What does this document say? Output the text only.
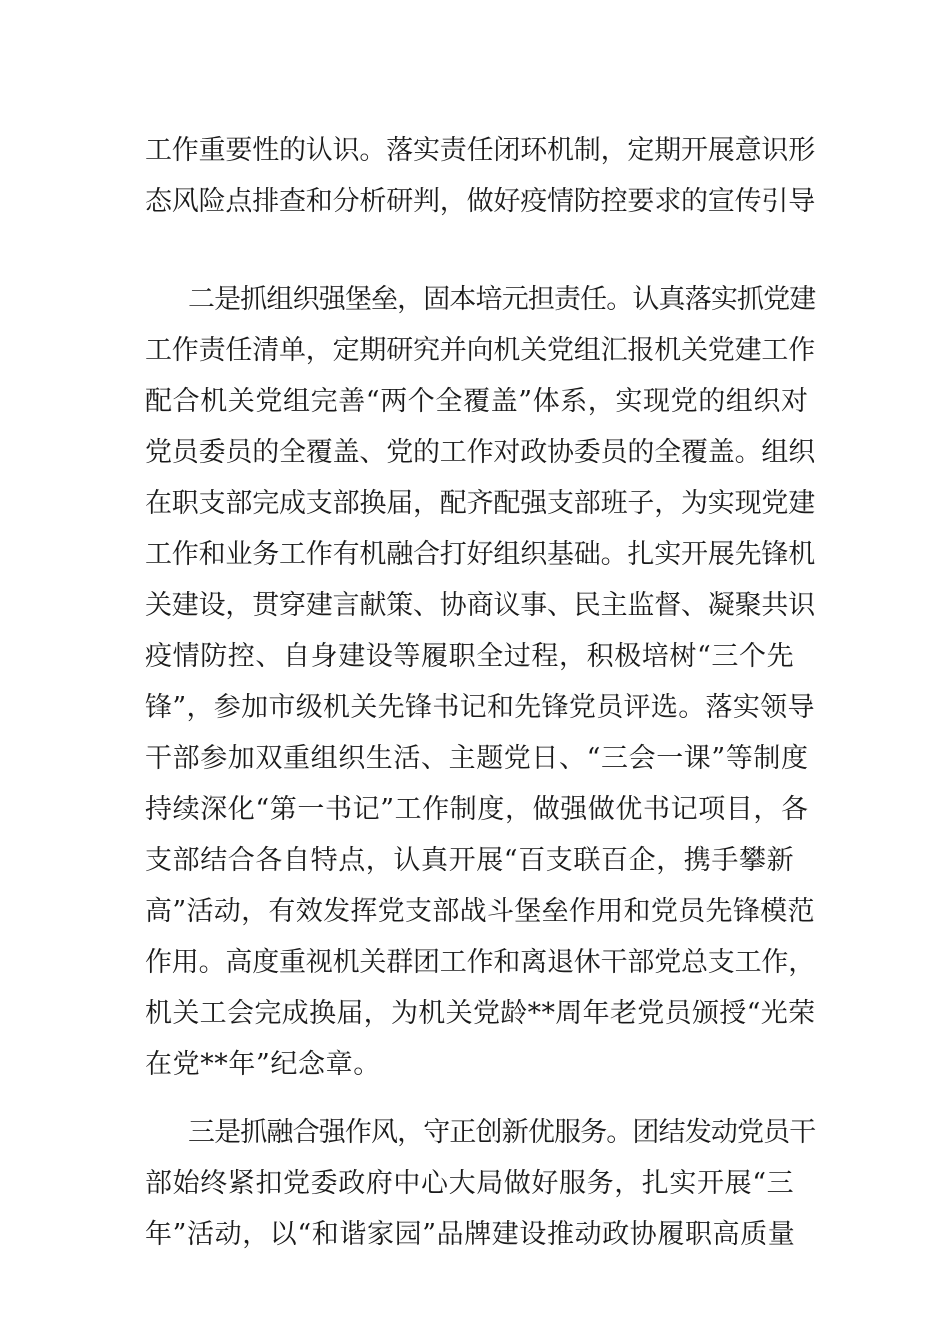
工作重要性的认识。落实责任闭环机制，定期开展意识形
态风险点排查和分析研判，做好疫情防控要求的宣传引导
二是抓组织强堡垒，固本培元担责任。认真落实抓党建
工作责任清单，定期研究并向机关党组汇报机关党建工作
配合机关党组完善“两个全覆盖”体系，实现党的组织对
党员委员的全覆盖、党的工作对政协委员的全覆盖。组织
在职支部完成支部换届，配齐配强支部班子，为实现党建
工作和业务工作有机融合打好组织基础。扎实开展先锋机
关建设，贯穿建言献策、协商议事、民主监督、凝聚共识
疫情防控、自身建设等履职全过程，积极培树“三个先
锋”，参加市级机关先锋书记和先锋党员评选。落实领导
干部参加双重组织生活、主题党日、“三会一课”等制度
持续深化“第一书记”工作制度，做强做优书记项目，各
支部结合各自特点，认真开展“百支联百企，携手攀新
高”活动，有效发挥党支部战斗堡垒作用和党员先锋模范
作用。高度重视机关群团工作和离退休干部党总支工作，
机关工会完成换届，为机关党龄**周年老党员颁授“光荣
在党**年”纪念章。
三是抓融合强作风，守正创新优服务。团结发动党员干
部始终紧扣党委政府中心大局做好服务，扎实开展“三
年”活动，以“和谐家园”品牌建设推动政协履职高质量
